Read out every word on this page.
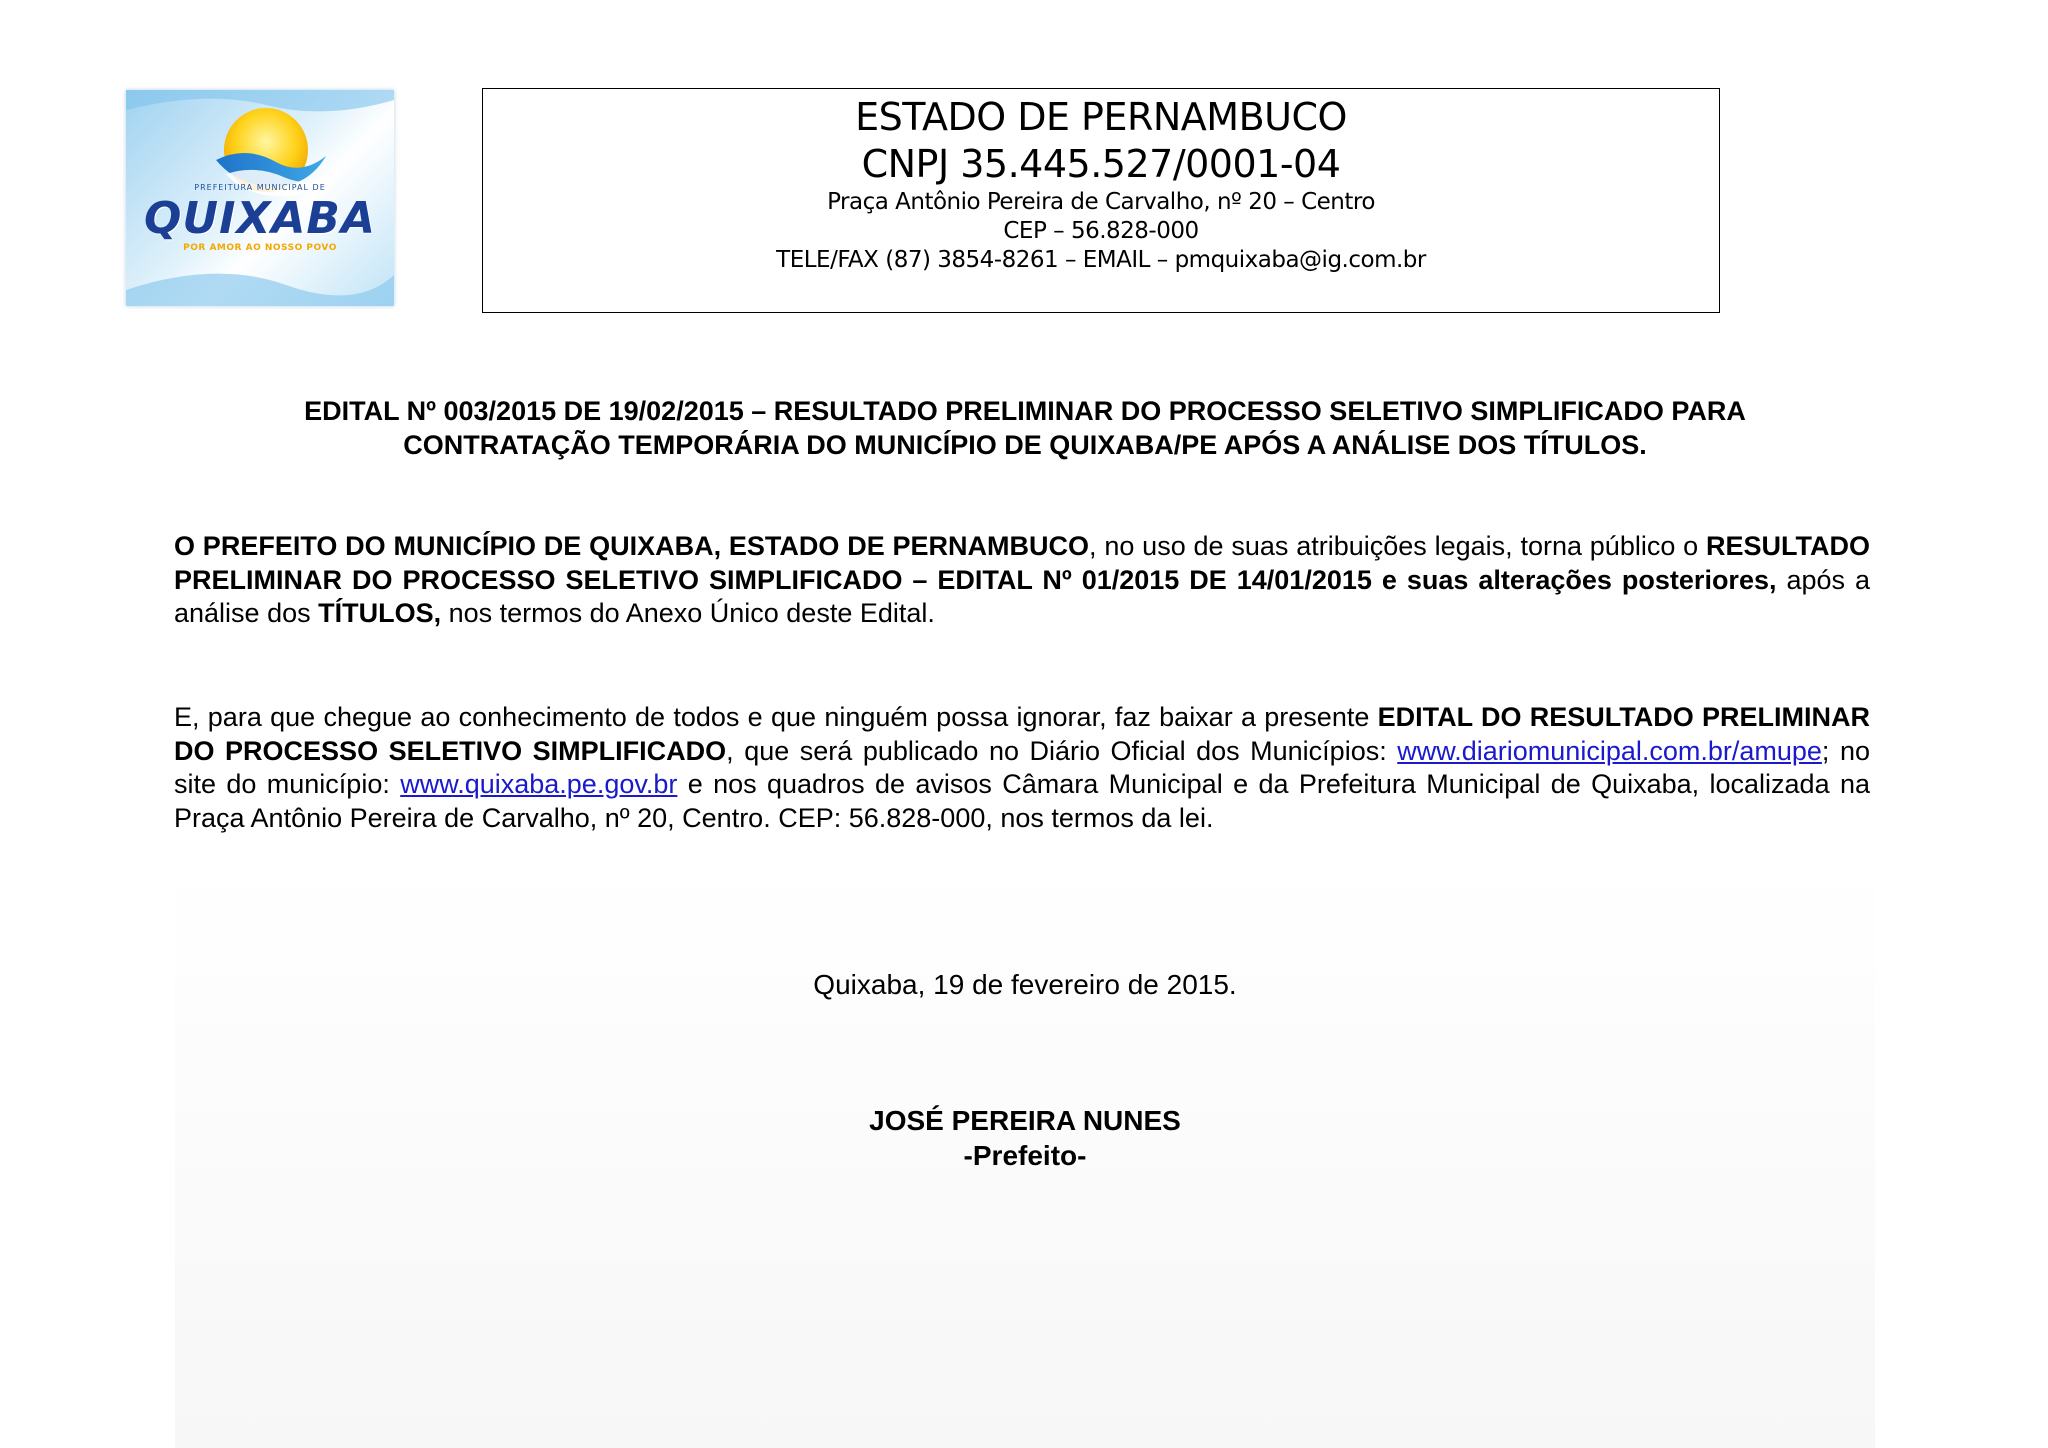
PREFEITURA MUNICIPAL DE
QUIXABA
POR AMOR AO NOSSO POVO
ESTADO DE PERNAMBUCO
CNPJ 35.445.527/0001-04
Praça Antônio Pereira de Carvalho, nº 20 – Centro
CEP – 56.828-000
TELE/FAX (87) 3854-8261 – EMAIL – pmquixaba@ig.com.br
EDITAL Nº 003/2015 DE 19/02/2015 – RESULTADO PRELIMINAR DO PROCESSO SELETIVO SIMPLIFICADO PARA
CONTRATAÇÃO TEMPORÁRIA DO MUNICÍPIO DE QUIXABA/PE APÓS A ANÁLISE DOS TÍTULOS.
O PREFEITO DO MUNICÍPIO DE QUIXABA, ESTADO DE PERNAMBUCO, no uso de suas atribuições legais, torna público o RESULTADO PRELIMINAR DO PROCESSO SELETIVO SIMPLIFICADO – EDITAL Nº 01/2015 DE 14/01/2015 e suas alterações posteriores, após a análise dos TÍTULOS, nos termos do Anexo Único deste Edital.
E, para que chegue ao conhecimento de todos e que ninguém possa ignorar, faz baixar a presente EDITAL DO RESULTADO PRELIMINAR DO PROCESSO SELETIVO SIMPLIFICADO, que será publicado no Diário Oficial dos Municípios: www.diariomunicipal.com.br/amupe; no site do município: www.quixaba.pe.gov.br e nos quadros de avisos Câmara Municipal e da Prefeitura Municipal de Quixaba, localizada na Praça Antônio Pereira de Carvalho, nº 20, Centro. CEP: 56.828-000, nos termos da lei.
Quixaba, 19 de fevereiro de 2015.
JOSÉ PEREIRA NUNES
-Prefeito-
